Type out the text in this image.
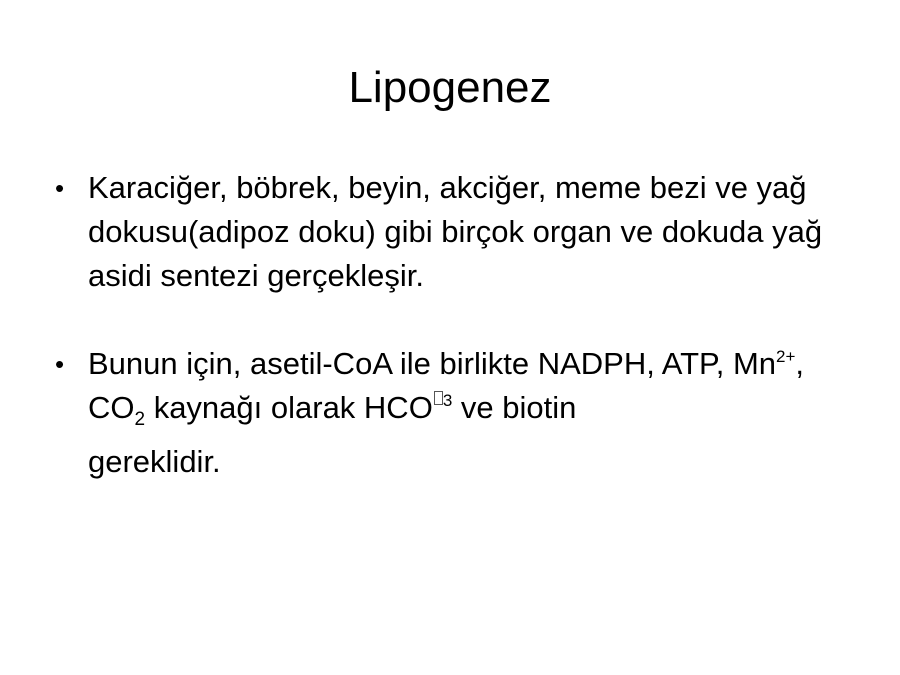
Lipogenez
• Karaciğer, böbrek, beyin, akciğer, meme bezi ve yağ dokusu(adipoz doku) gibi birçok organ ve dokuda yağ asidi sentezi gerçekleşir.
• Bunun için, asetil-CoA ile birlikte NADPH, ATP, $Mn^{2+}$, $CO_2$ kaynağı olarak HCO $^3$ ve biotin
gereklidir.
